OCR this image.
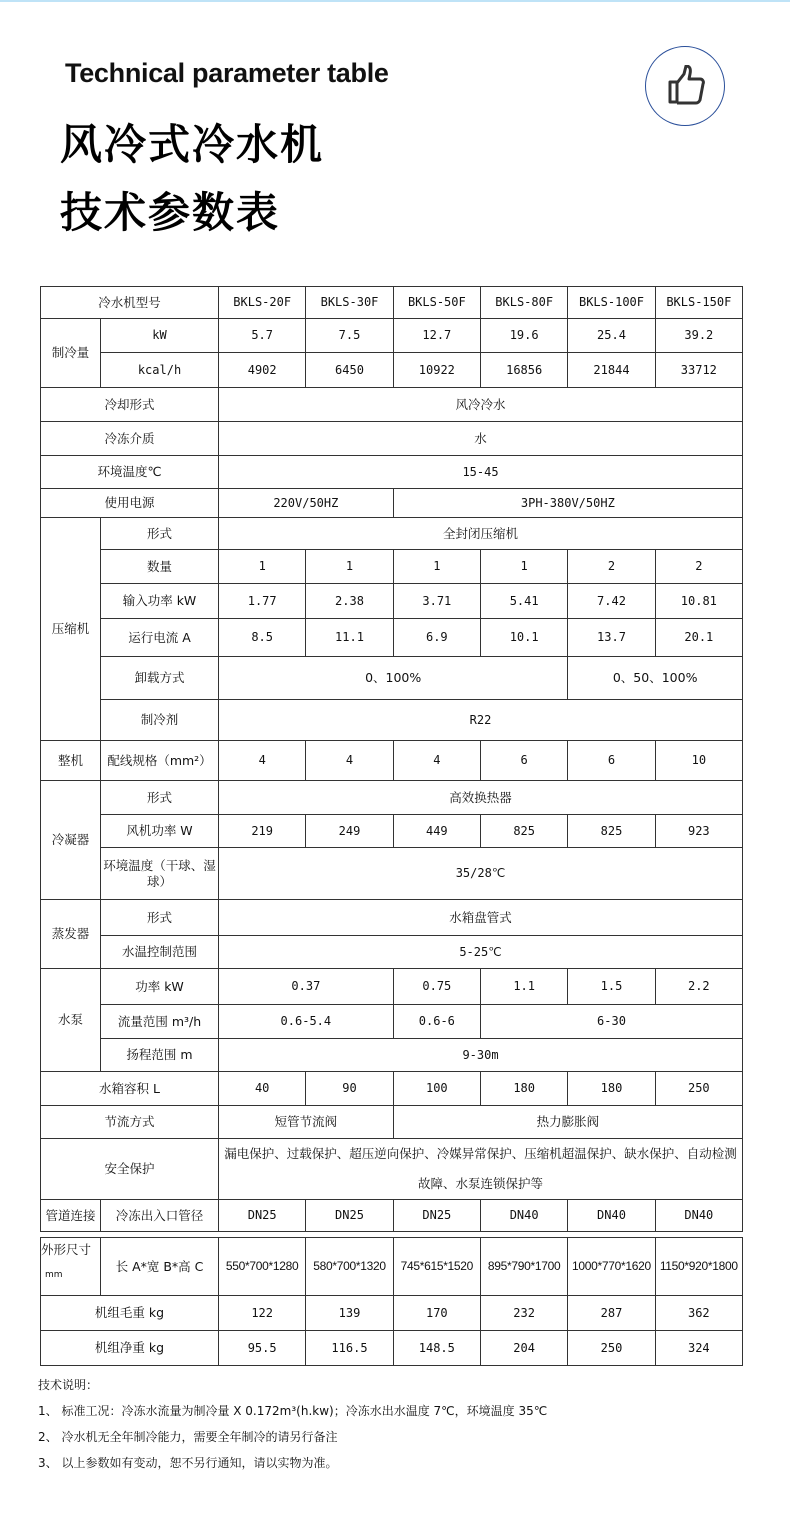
Technical parameter table
风冷式冷水机
技术参数表
冷水机型号		BKLS-20F	BKLS-30F	BKLS-50F	BKLS-80F	BKLS-100F	BKLS-150F
制冷量	kW	5.7	7.5	12.7	19.6	25.4	39.2
	kcal/h	4902	6450	10922	16856	21844	33712
冷却形式		风冷冷水					
冷冻介质		水					
环境温度℃		15-45					
使用电源		220V/50HZ		3PH-380V/50HZ			
压缩机	形式	全封闭压缩机					
	数量	1	1	1	1	2	2
	输入功率 kW	1.77	2.38	3.71	5.41	7.42	10.81
	运行电流 A	8.5	11.1	6.9	10.1	13.7	20.1
	卸载方式	0、100%				0、50、100%	
	制冷剂	R22					
整机	配线规格（mm²）	4	4	4	6	6	10
冷凝器	形式	高效换热器					
	风机功率 W	219	249	449	825	825	923
	环境温度（干球、湿球）	35/28℃					
蒸发器	形式	水箱盘管式					
	水温控制范围	5-25℃					
水泵	功率 kW	0.37		0.75	1.1	1.5	2.2
	流量范围 m³/h	0.6-5.4		0.6-6	6-30		
	扬程范围 m	9-30m					
水箱容积 L		40	90	100	180	180	250
节流方式		短管节流阀		热力膨胀阀			
安全保护		漏电保护、过载保护、超压逆向保护、冷媒异常保护、压缩机超温保护、缺水保护、自动检测故障、水泵连锁保护等					
管道连接	冷冻出入口管径	DN25	DN25	DN25	DN40	DN40	DN40
外形尺寸
mm	长 A*宽 B*高 C	550*700*1280	580*700*1320	745*615*1520	895*790*1700	1000*770*1620	1150*920*1800
机组毛重 kg		122	139	170	232	287	362
机组净重 kg		95.5	116.5	148.5	204	250	324
技术说明：
1、 标准工况：冷冻水流量为制冷量 X 0.172m³(h.kw)；冷冻水出水温度 7℃，环境温度 35℃
2、 冷水机无全年制冷能力，需要全年制冷的请另行备注
3、 以上参数如有变动，恕不另行通知，请以实物为准。
